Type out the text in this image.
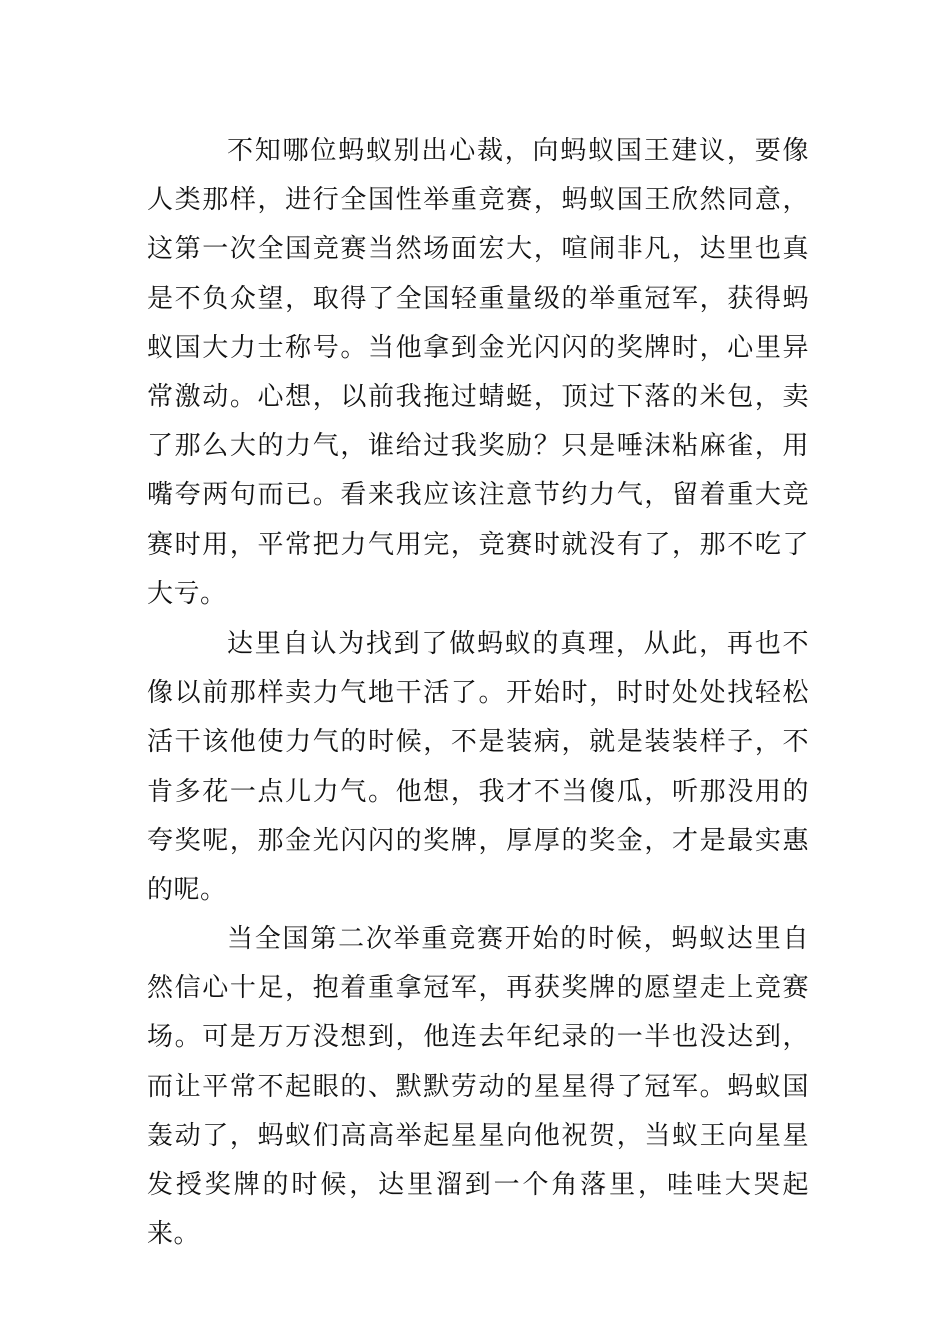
不知哪位蚂蚁别出心裁，向蚂蚁国王建议，要像人类那样，进行全国性举重竞赛，蚂蚁国王欣然同意，这第一次全国竞赛当然场面宏大，喧闹非凡，达里也真是不负众望，取得了全国轻重量级的举重冠军，获得蚂蚁国大力士称号。当他拿到金光闪闪的奖牌时，心里异常激动。心想，以前我拖过蜻蜓，顶过下落的米包，卖了那么大的力气，谁给过我奖励？只是唾沫粘麻雀，用嘴夸两句而已。看来我应该注意节约力气，留着重大竞赛时用，平常把力气用完，竞赛时就没有了，那不吃了大亏。

达里自认为找到了做蚂蚁的真理，从此，再也不像以前那样卖力气地干活了。开始时，时时处处找轻松活干该他使力气的时候，不是装病，就是装装样子，不肯多花一点儿力气。他想，我才不当傻瓜，听那没用的夸奖呢，那金光闪闪的奖牌，厚厚的奖金，才是最实惠的呢。

当全国第二次举重竞赛开始的时候，蚂蚁达里自然信心十足，抱着重拿冠军，再获奖牌的愿望走上竞赛场。可是万万没想到，他连去年纪录的一半也没达到，而让平常不起眼的、默默劳动的星星得了冠军。蚂蚁国轰动了，蚂蚁们高高举起星星向他祝贺，当蚁王向星星发授奖牌的时候，达里溜到一个角落里，哇哇大哭起来。
